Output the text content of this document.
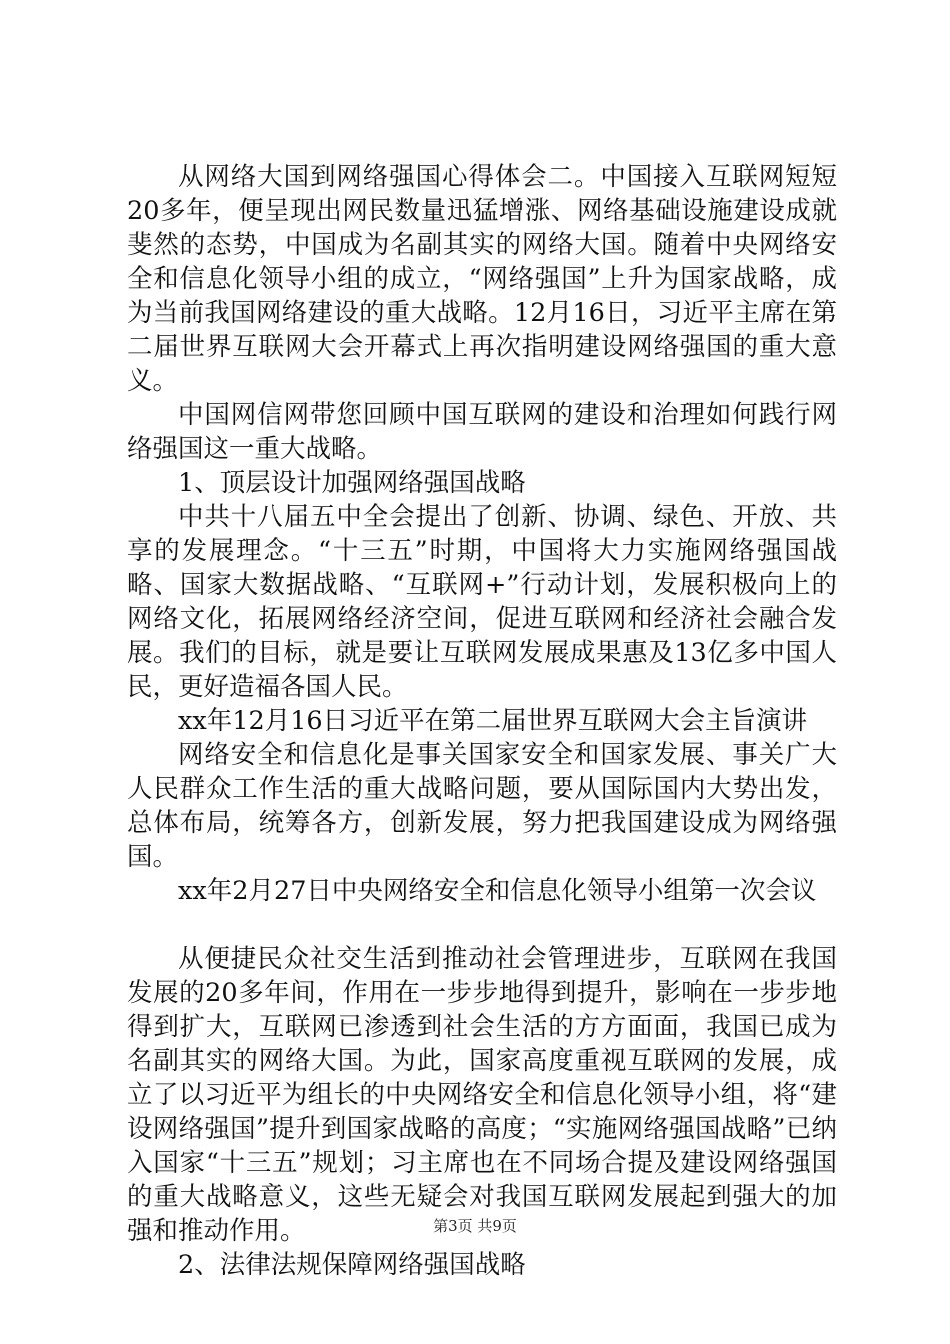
从网络大国到网络强国心得体会二。中国接入互联网短短20多年，便呈现出网民数量迅猛增涨、网络基础设施建设成就斐然的态势，中国成为名副其实的网络大国。随着中央网络安全和信息化领导小组的成立，“网络强国”上升为国家战略，成为当前我国网络建设的重大战略。12月16日，习近平主席在第二届世界互联网大会开幕式上再次指明建设网络强国的重大意义。

中国网信网带您回顾中国互联网的建设和治理如何践行网络强国这一重大战略。

1、顶层设计加强网络强国战略

中共十八届五中全会提出了创新、协调、绿色、开放、共享的发展理念。“十三五”时期，中国将大力实施网络强国战略、国家大数据战略、“互联网+”行动计划，发展积极向上的网络文化，拓展网络经济空间，促进互联网和经济社会融合发展。我们的目标，就是要让互联网发展成果惠及13亿多中国人民，更好造福各国人民。

xx年12月16日习近平在第二届世界互联网大会主旨演讲

网络安全和信息化是事关国家安全和国家发展、事关广大人民群众工作生活的重大战略问题，要从国际国内大势出发，总体布局，统筹各方，创新发展，努力把我国建设成为网络强国。

xx年2月27日中央网络安全和信息化领导小组第一次会议

从便捷民众社交生活到推动社会管理进步，互联网在我国发展的20多年间，作用在一步步地得到提升，影响在一步步地得到扩大，互联网已渗透到社会生活的方方面面，我国已成为名副其实的网络大国。为此，国家高度重视互联网的发展，成立了以习近平为组长的中央网络安全和信息化领导小组，将“建设网络强国”提升到国家战略的高度；“实施网络强国战略”已纳入国家“十三五”规划；习主席也在不同场合提及建设网络强国的重大战略意义，这些无疑会对我国互联网发展起到强大的加强和推动作用。

2、法律法规保障网络强国战略

第3页 共9页
